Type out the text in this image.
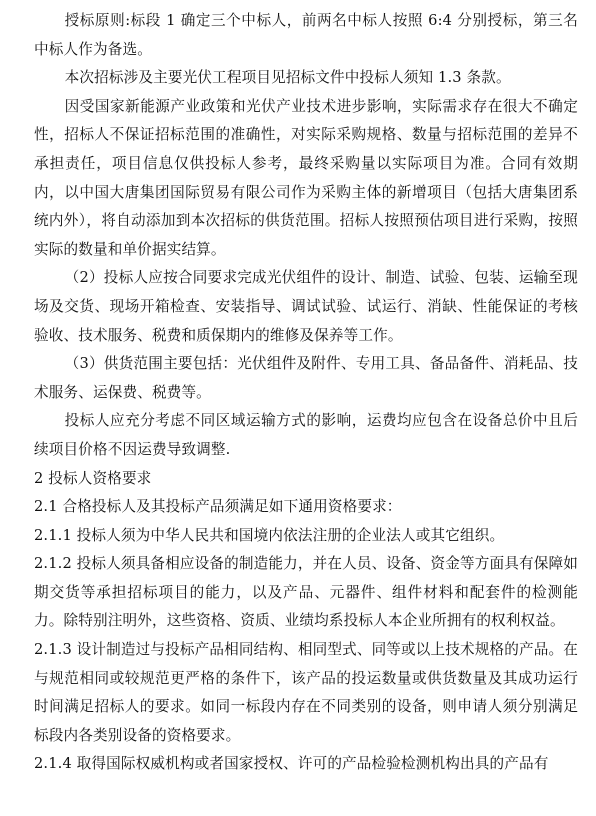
授标原则:标段 1 确定三个中标人，前两名中标人按照 6:4 分别授标，第三名中标人作为备选。

本次招标涉及主要光伏工程项目见招标文件中投标人须知 1.3 条款。

因受国家新能源产业政策和光伏产业技术进步影响，实际需求存在很大不确定性，招标人不保证招标范围的准确性，对实际采购规格、数量与招标范围的差异不承担责任，项目信息仅供投标人参考，最终采购量以实际项目为准。合同有效期内，以中国大唐集团国际贸易有限公司作为采购主体的新增项目（包括大唐集团系统内外），将自动添加到本次招标的供货范围。招标人按照预估项目进行采购，按照实际的数量和单价据实结算。

（2）投标人应按合同要求完成光伏组件的设计、制造、试验、包装、运输至现场及交货、现场开箱检查、安装指导、调试试验、试运行、消缺、性能保证的考核验收、技术服务、税费和质保期内的维修及保养等工作。

（3）供货范围主要包括：光伏组件及附件、专用工具、备品备件、消耗品、技术服务、运保费、税费等。

投标人应充分考虑不同区域运输方式的影响，运费均应包含在设备总价中且后续项目价格不因运费导致调整.

2 投标人资格要求

2.1 合格投标人及其投标产品须满足如下通用资格要求：

2.1.1 投标人须为中华人民共和国境内依法注册的企业法人或其它组织。

2.1.2 投标人须具备相应设备的制造能力，并在人员、设备、资金等方面具有保障如期交货等承担招标项目的能力，以及产品、元器件、组件材料和配套件的检测能力。除特别注明外，这些资格、资质、业绩均系投标人本企业所拥有的权利权益。

2.1.3 设计制造过与投标产品相同结构、相同型式、同等或以上技术规格的产品。在与规范相同或较规范更严格的条件下，该产品的投运数量或供货数量及其成功运行时间满足招标人的要求。如同一标段内存在不同类别的设备，则申请人须分别满足标段内各类别设备的资格要求。

2.1.4 取得国际权威机构或者国家授权、许可的产品检验检测机构出具的产品有
